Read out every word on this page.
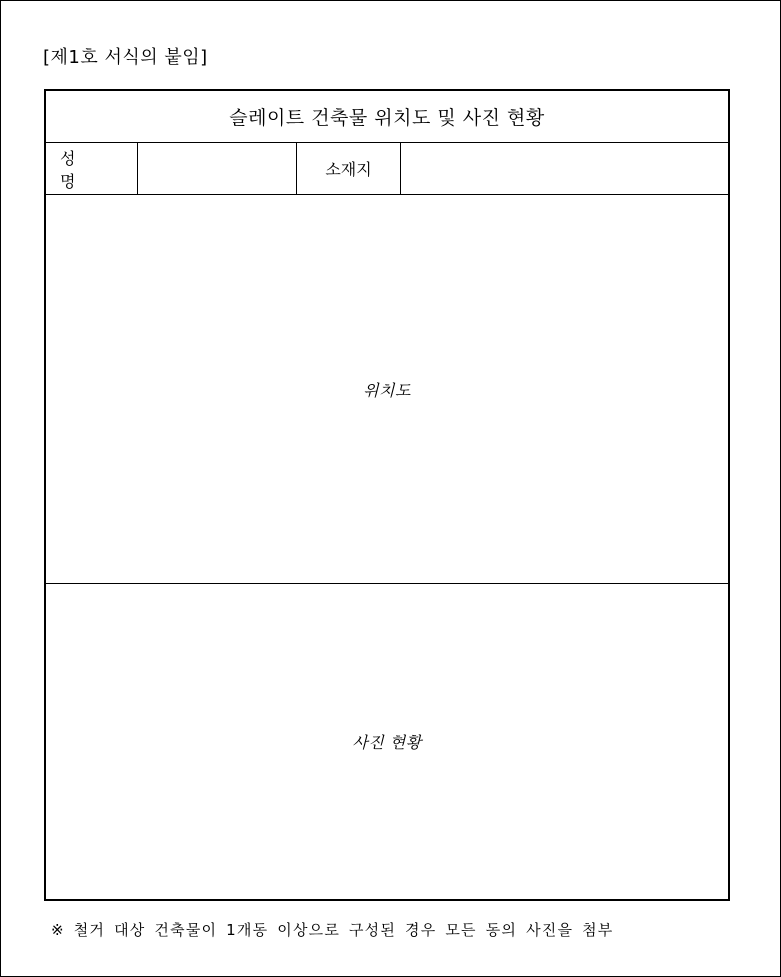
[제1호 서식의 붙임]
슬레이트 건축물 위치도 및 사진 현황
성 명
소재지
위치도
사진 현황
※ 철거 대상 건축물이 1개동 이상으로 구성된 경우 모든 동의 사진을 첨부
